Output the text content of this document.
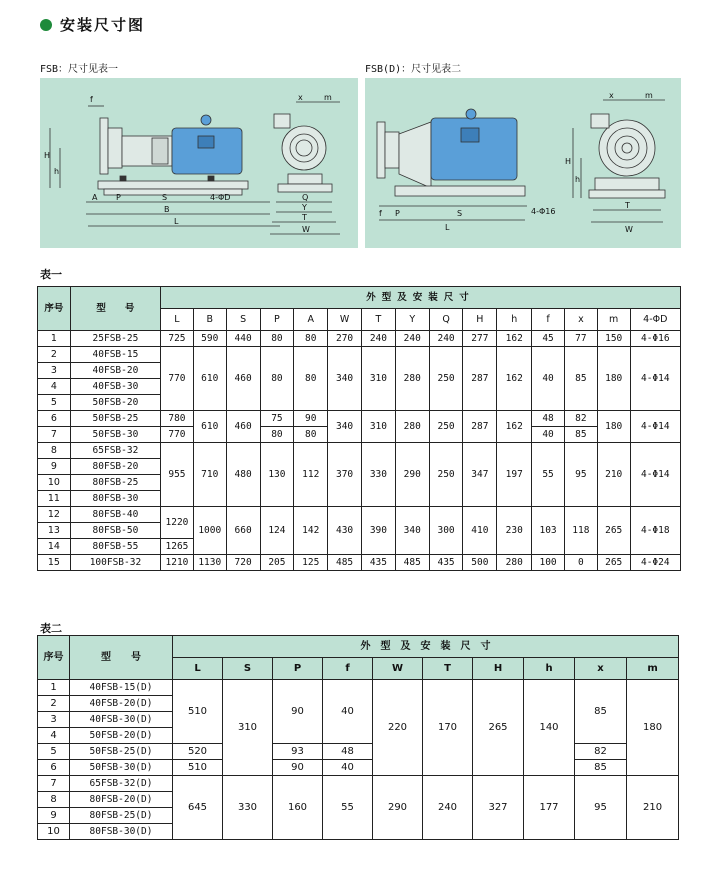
安装尺寸图
FSB：尺寸见表一	FSB(D)：尺寸见表二
f
H
h
A P	S	4-ΦD
B
L
x	m
Q
Y
T
W
f P	S	4-Φ16
L
x	m
H
h
T
W
表一
序号	型　　号	外型及安装尺寸														
		L	B	S	P	A	W	T	Y	Q	H	h	f	x	m	4-ΦD
1	25FSB-25	725	590	440	80	80	270	240	240	240	277	162	45	77	150	4-Φ16
2	40FSB-15	770	610	460	80	80	340	310	280	250	287	162	40	85	180	4-Φ14
3	40FSB-20															
4	40FSB-30															
5	50FSB-20															
6	50FSB-25	780	610	460	75	90	340	310	280	250	287	162	48	82	180	4-Φ14
7	50FSB-30	770			80	80							40	85		
8	65FSB-32	955	710	480	130	112	370	330	290	250	347	197	55	95	210	4-Φ14
9	80FSB-20															
10	80FSB-25															
11	80FSB-30															
12	80FSB-40	1220	1000	660	124	142	430	390	340	300	410	230	103	118	265	4-Φ18
13	80FSB-50															
14	80FSB-55	1265														
15	100FSB-32	1210	1130	720	205	125	485	435	485	435	500	280	100	0	265	4-Φ24
表二
序号	型　　号	外　型　及　安　装　尺　寸									
		L	S	P	f	W	T	H	h	x	m
1	40FSB-15(D)	510	310	90	40	220	170	265	140	85	180
2	40FSB-20(D)										
3	40FSB-30(D)										
4	50FSB-20(D)										
5	50FSB-25(D)	520		93	48					82	
6	50FSB-30(D)	510		90	40					85	
7	65FSB-32(D)	645	330	160	55	290	240	327	177	95	210
8	80FSB-20(D)										
9	80FSB-25(D)										
10	80FSB-30(D)										
